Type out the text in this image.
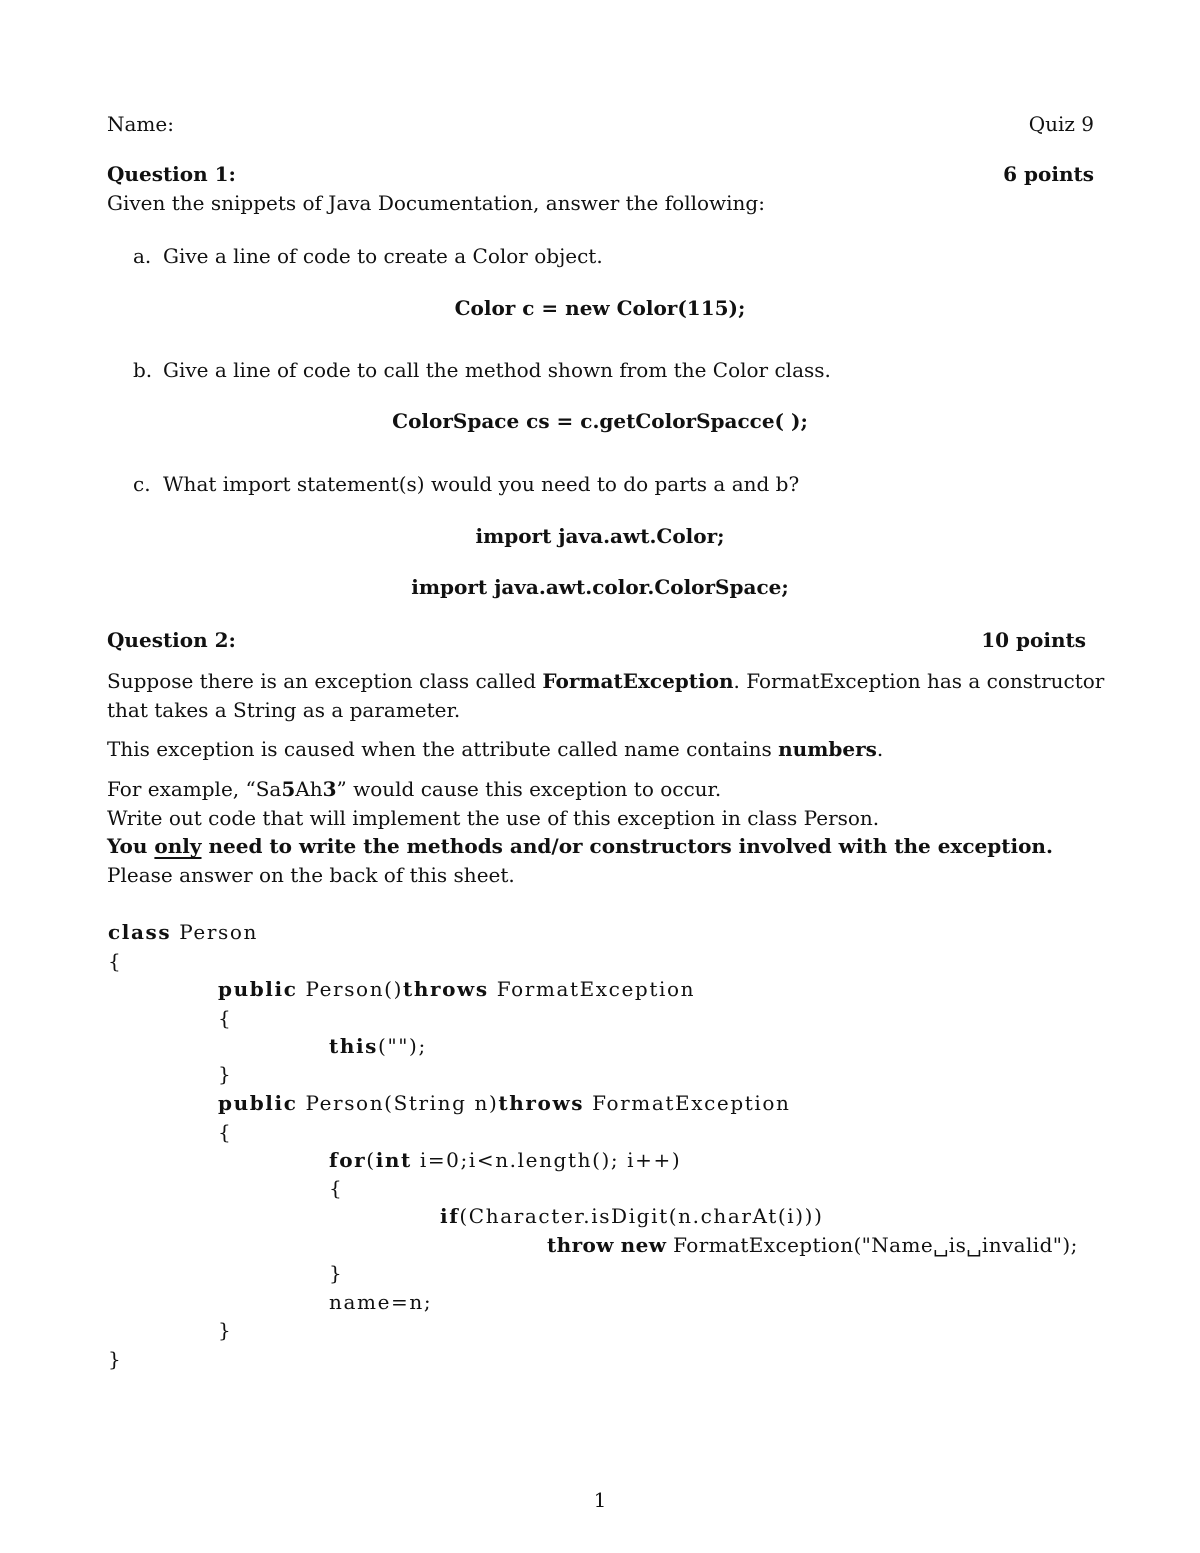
Name:	Quiz 9
Question 1:	6 points
Given the snippets of Java Documentation, answer the following:
a. Give a line of code to create a Color object.
Color c = new Color(115);
b. Give a line of code to call the method shown from the Color class.
ColorSpace cs = c.getColorSpacce( );
c. What import statement(s) would you need to do parts a and b?
import java.awt.Color;
import java.awt.color.ColorSpace;
Question 2:	10 points
Suppose there is an exception class called FormatException. FormatException has a constructor
that takes a String as a parameter.
This exception is caused when the attribute called name contains numbers.
For example, “Sa5Ah3” would cause this exception to occur.
Write out code that will implement the use of this exception in class Person.
You only need to write the methods and/or constructors involved with the exception.
Please answer on the back of this sheet.
class Person
{
public Person()throws FormatException
{
this("");
}
public Person(String n)throws FormatException
{
for(int i=0;i<n.length(); i++)
{
if(Character.isDigit(n.charAt(i)))
throw new FormatException("Name␣is␣invalid");
}
name=n;
}
}
1
